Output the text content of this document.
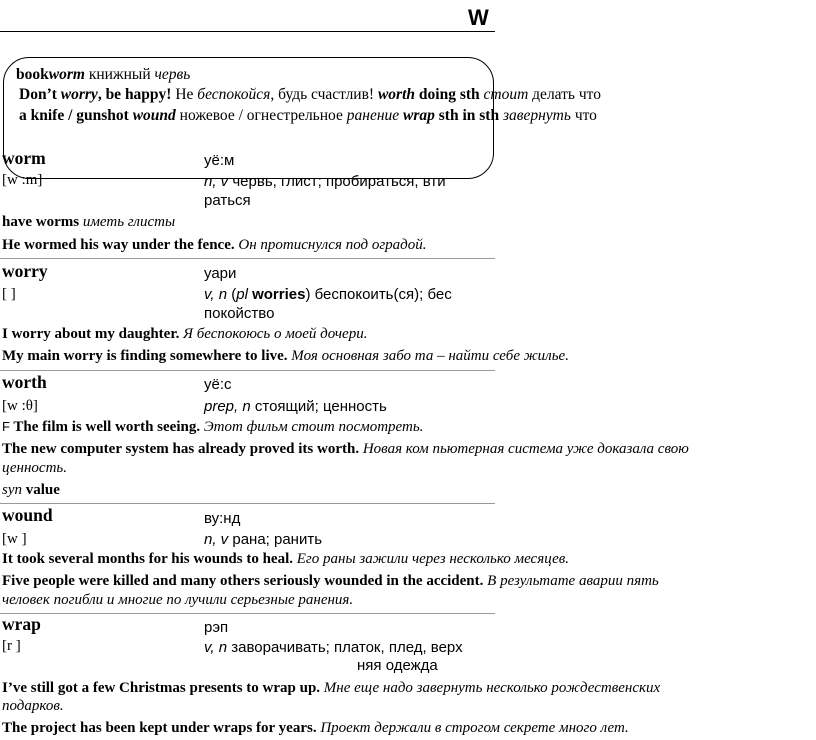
W
bookworm книжный червь
Don’t worry, be happy! Не беспокойся, будь счастлив! worth doing sth стоит делать что
a knife / gunshot wound ножевое / огнестрельное ранение wrap sth in sth завернуть что
worm	уё:м
[w :m]	n, v червь, глист; пробираться, вти
раться
have worms иметь глисты
He wormed his way under the fence. Он протиснулся под оградой.
worry	уари
[ ]	v, n (pl worries) беспокоить(ся); бес
покойство
I worry about my daughter. Я беспокоюсь о моей дочери.
My main worry is finding somewhere to live. Моя основная забо та – найти себе жилье.
worth	уё:с
[w :θ]	prep, n стоящий; ценность
F The film is well worth seeing. Этот фильм стоит посмотреть.
The new computer system has already proved its worth. Новая ком пьютерная система уже доказала свою
ценность.
syn value
wound	ву:нд
[w ]	n, v рана; ранить
It took several months for his wounds to heal. Его раны зажили через несколько месяцев.
Five people were killed and many others seriously wounded in the accident. В результате аварии пять
человек погибли и многие по лучили серьезные ранения.
wrap	рэп
[r ]	v, n заворачивать; платок, плед, верх
няя одежда
I’ve still got a few Christmas presents to wrap up. Мне еще надо завернуть несколько рождественских
подарков.
The project has been kept under wraps for years. Проект держали в строгом секрете много лет.
